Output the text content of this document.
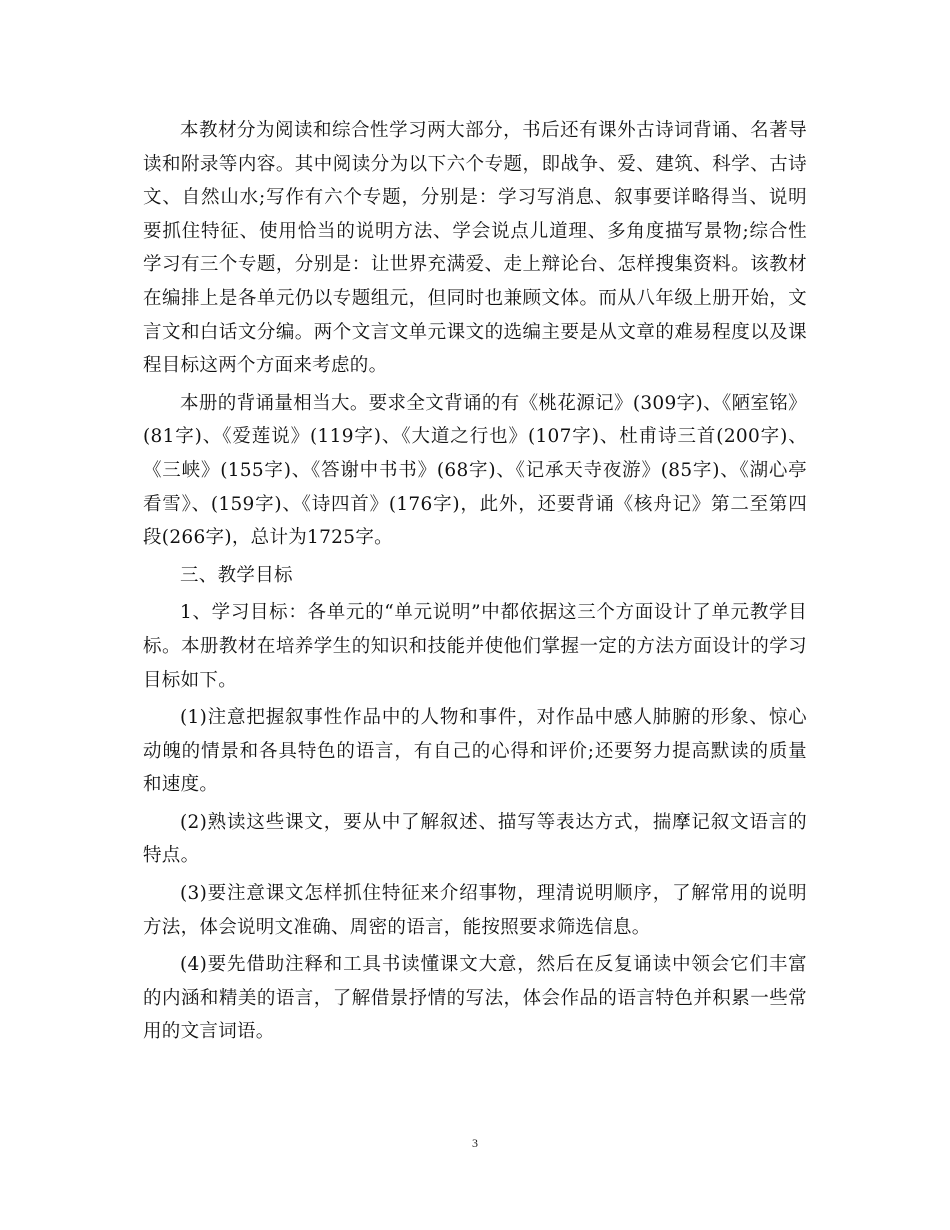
本教材分为阅读和综合性学习两大部分，书后还有课外古诗词背诵、名著导读和附录等内容。其中阅读分为以下六个专题，即战争、爱、建筑、科学、古诗文、自然山水;写作有六个专题，分别是：学习写消息、叙事要详略得当、说明要抓住特征、使用恰当的说明方法、学会说点儿道理、多角度描写景物;综合性学习有三个专题，分别是：让世界充满爱、走上辩论台、怎样搜集资料。该教材在编排上是各单元仍以专题组元，但同时也兼顾文体。而从八年级上册开始，文言文和白话文分编。两个文言文单元课文的选编主要是从文章的难易程度以及课程目标这两个方面来考虑的。

本册的背诵量相当大。要求全文背诵的有《桃花源记》(309字)、《陋室铭》(81字)、《爱莲说》(119字)、《大道之行也》(107字)、杜甫诗三首(200字)、《三峡》(155字)、《答谢中书书》(68字)、《记承天寺夜游》(85字)、《湖心亭看雪》、(159字)、《诗四首》(176字)，此外，还要背诵《核舟记》第二至第四段(266字)，总计为1725字。

三、教学目标

1、学习目标：各单元的“单元说明”中都依据这三个方面设计了单元教学目标。本册教材在培养学生的知识和技能并使他们掌握一定的方法方面设计的学习目标如下。

(1)注意把握叙事性作品中的人物和事件，对作品中感人肺腑的形象、惊心动魄的情景和各具特色的语言，有自己的心得和评价;还要努力提高默读的质量和速度。

(2)熟读这些课文，要从中了解叙述、描写等表达方式，揣摩记叙文语言的特点。

(3)要注意课文怎样抓住特征来介绍事物，理清说明顺序，了解常用的说明方法，体会说明文准确、周密的语言，能按照要求筛选信息。

(4)要先借助注释和工具书读懂课文大意，然后在反复诵读中领会它们丰富的内涵和精美的语言，了解借景抒情的写法，体会作品的语言特色并积累一些常用的文言词语。

3
